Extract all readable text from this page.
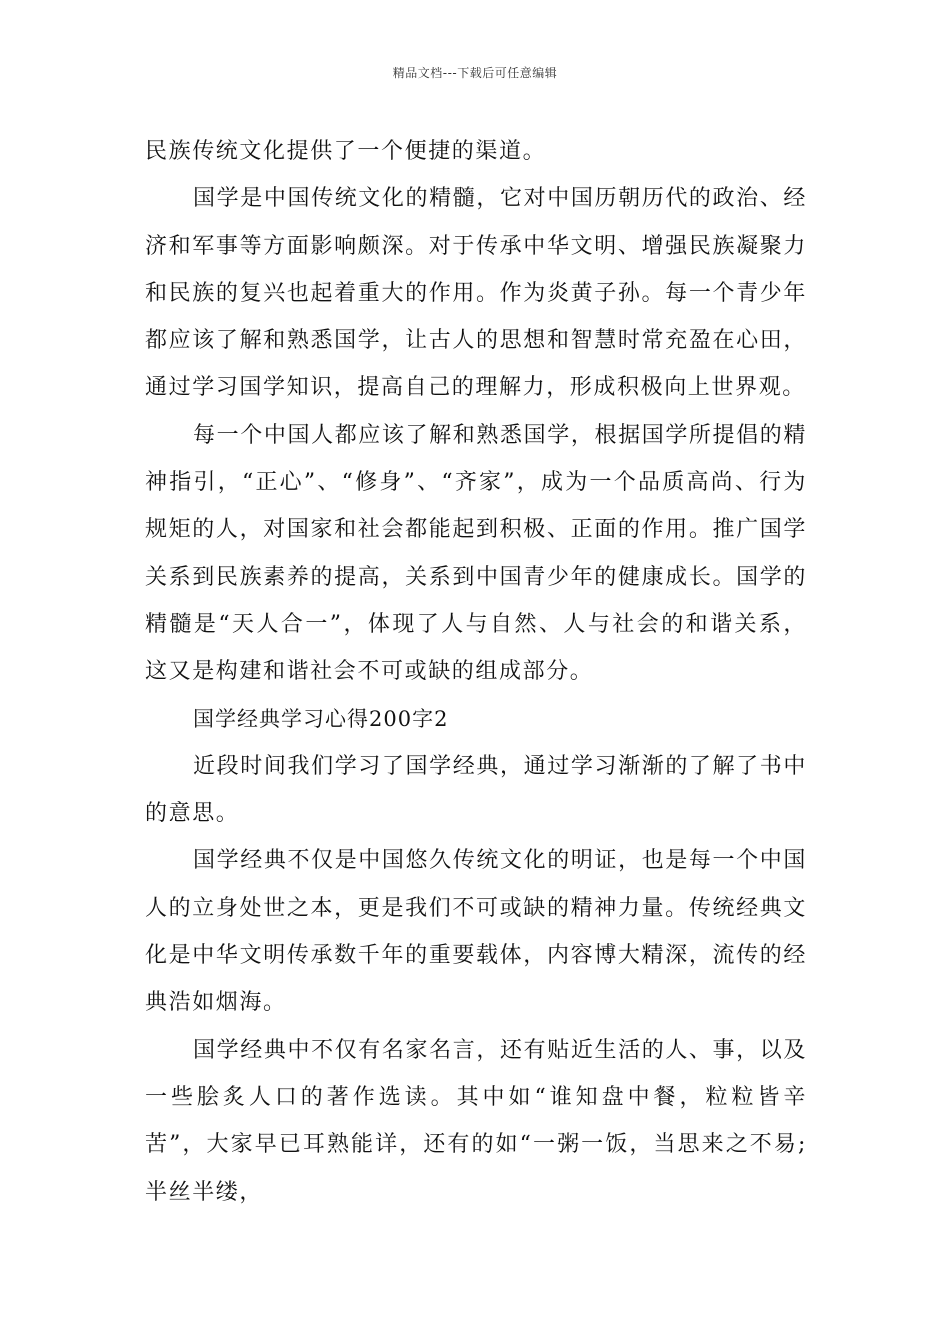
精品文档---下载后可任意编辑

民族传统文化提供了一个便捷的渠道。

国学是中国传统文化的精髓，它对中国历朝历代的政治、经济和军事等方面影响颇深。对于传承中华文明、增强民族凝聚力和民族的复兴也起着重大的作用。作为炎黄子孙。每一个青少年都应该了解和熟悉国学，让古人的思想和智慧时常充盈在心田，通过学习国学知识，提高自己的理解力，形成积极向上世界观。

每一个中国人都应该了解和熟悉国学，根据国学所提倡的精神指引，“正心”、“修身”、“齐家”，成为一个品质高尚、行为规矩的人，对国家和社会都能起到积极、正面的作用。推广国学关系到民族素养的提高，关系到中国青少年的健康成长。国学的精髓是“天人合一”，体现了人与自然、人与社会的和谐关系，这又是构建和谐社会不可或缺的组成部分。

国学经典学习心得200字2

近段时间我们学习了国学经典，通过学习渐渐的了解了书中的意思。

国学经典不仅是中国悠久传统文化的明证，也是每一个中国人的立身处世之本，更是我们不可或缺的精神力量。传统经典文化是中华文明传承数千年的重要载体，内容博大精深，流传的经典浩如烟海。

国学经典中不仅有名家名言，还有贴近生活的人、事，以及一些脍炙人口的著作选读。其中如“谁知盘中餐，粒粒皆辛苦”，大家早已耳熟能详，还有的如“一粥一饭，当思来之不易;半丝半缕，
